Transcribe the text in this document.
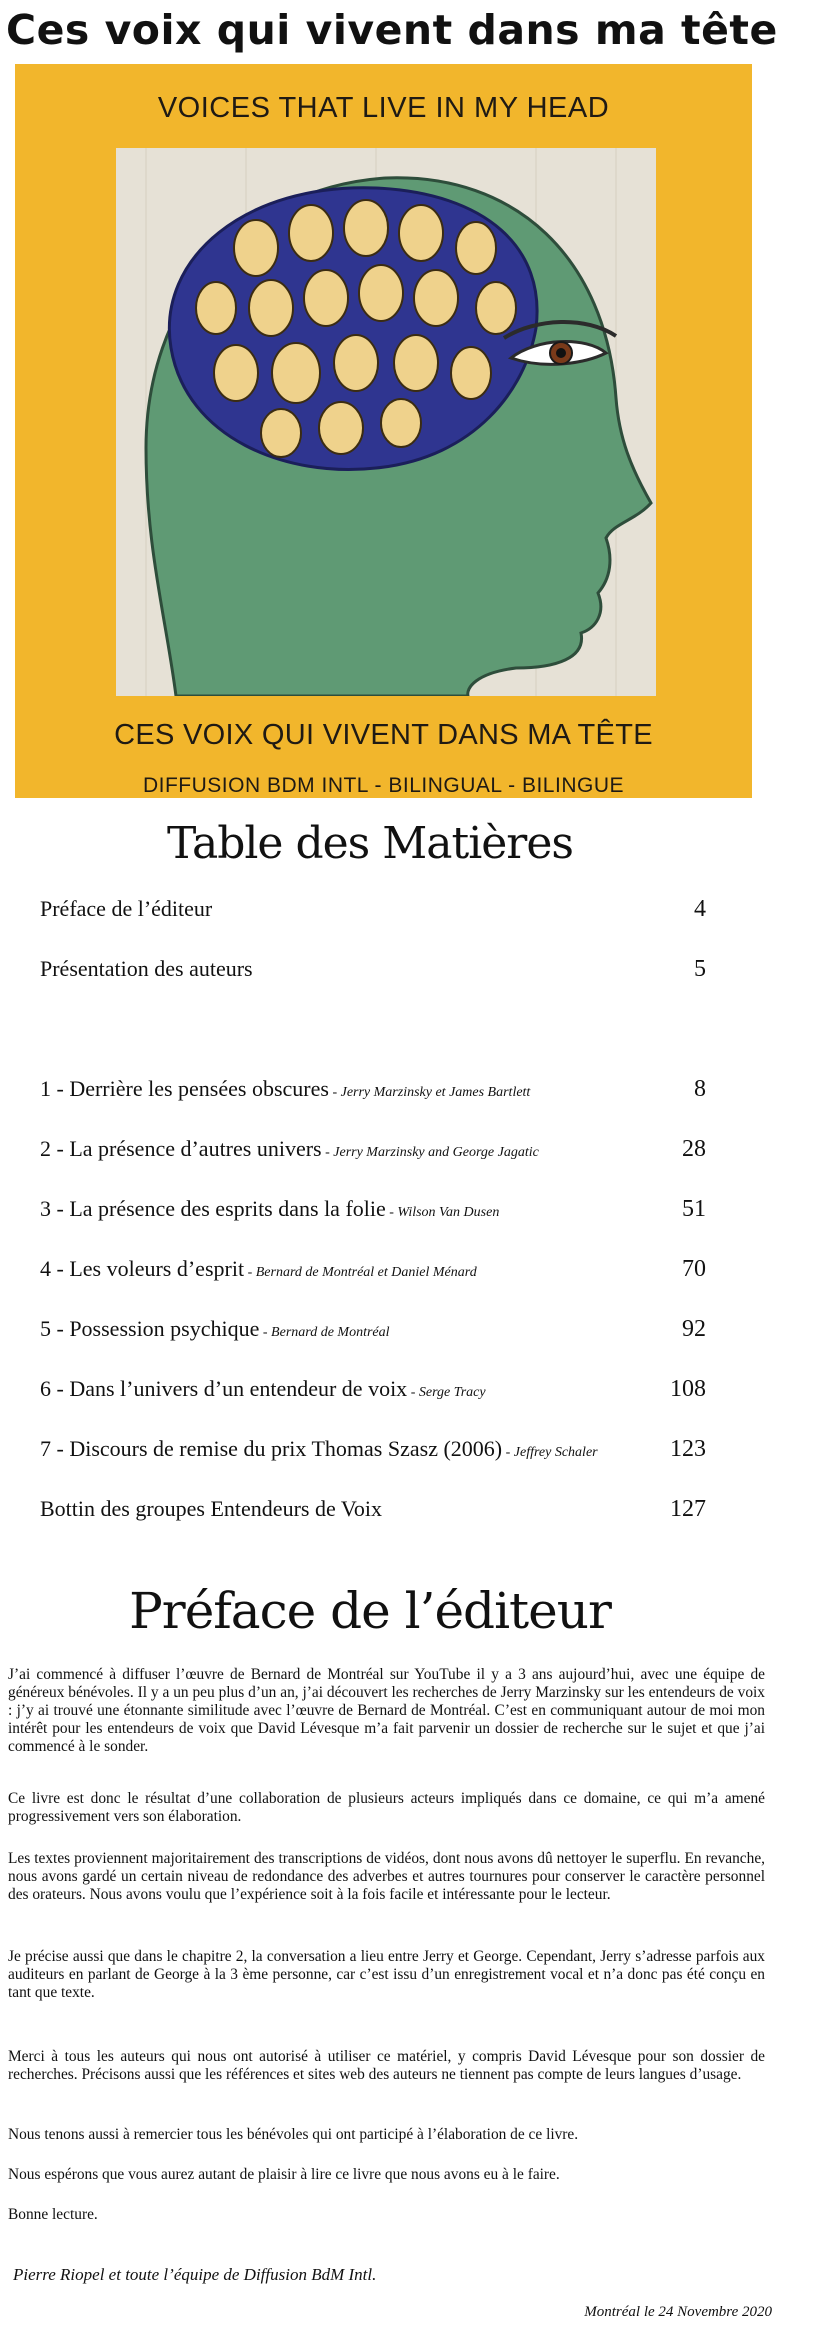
Ces voix qui vivent dans ma tête
VOICES THAT LIVE IN MY HEAD
CES VOIX QUI VIVENT DANS MA TÊTE
DIFFUSION BDM INTL - BILINGUAL - BILINGUE
Table des Matières
Préface de l’éditeur	4
Présentation des auteurs	5
1 - Derrière les pensées obscures - Jerry Marzinsky et James Bartlett	8
2 - La présence d’autres univers - Jerry Marzinsky and George Jagatic	28
3 - La présence des esprits dans la folie - Wilson Van Dusen	51
4 - Les voleurs d’esprit - Bernard de Montréal et Daniel Ménard	70
5 - Possession psychique - Bernard de Montréal	92
6 - Dans l’univers d’un entendeur de voix - Serge Tracy	108
7 - Discours de remise du prix Thomas Szasz (2006) - Jeffrey Schaler	123
Bottin des groupes Entendeurs de Voix	127
Préface de l’éditeur

J’ai commencé à diffuser l’œuvre de Bernard de Montréal sur YouTube il y a 3 ans aujourd’hui, avec une équipe de généreux bénévoles. Il y a un peu plus d’un an, j’ai découvert les recherches de Jerry Marzinsky sur les entendeurs de voix : j’y ai trouvé une étonnante similitude avec l’œuvre de Bernard de Montréal. C’est en communiquant autour de moi mon intérêt pour les entendeurs de voix que David Lévesque m’a fait parvenir un dossier de recherche sur le sujet et que j’ai commencé à le sonder.

Ce livre est donc le résultat d’une collaboration de plusieurs acteurs impliqués dans ce domaine, ce qui m’a amené progressivement vers son élaboration.

Les textes proviennent majoritairement des transcriptions de vidéos, dont nous avons dû nettoyer le superflu. En revanche, nous avons gardé un certain niveau de redondance des adverbes et autres tournures pour conserver le caractère personnel des orateurs. Nous avons voulu que l’expérience soit à la fois facile et intéressante pour le lecteur.

Je précise aussi que dans le chapitre 2, la conversation a lieu entre Jerry et George. Cependant, Jerry s’adresse parfois aux auditeurs en parlant de George à la 3 ème personne, car c’est issu d’un enregistrement vocal et n’a donc pas été conçu en tant que texte.

Merci à tous les auteurs qui nous ont autorisé à utiliser ce matériel, y compris David Lévesque pour son dossier de recherches. Précisons aussi que les références et sites web des auteurs ne tiennent pas compte de leurs langues d’usage.

Nous tenons aussi à remercier tous les bénévoles qui ont participé à l’élaboration de ce livre.

Nous espérons que vous aurez autant de plaisir à lire ce livre que nous avons eu à le faire.

Bonne lecture.

Pierre Riopel et toute l’équipe de Diffusion BdM Intl.

Montréal le 24 Novembre 2020
